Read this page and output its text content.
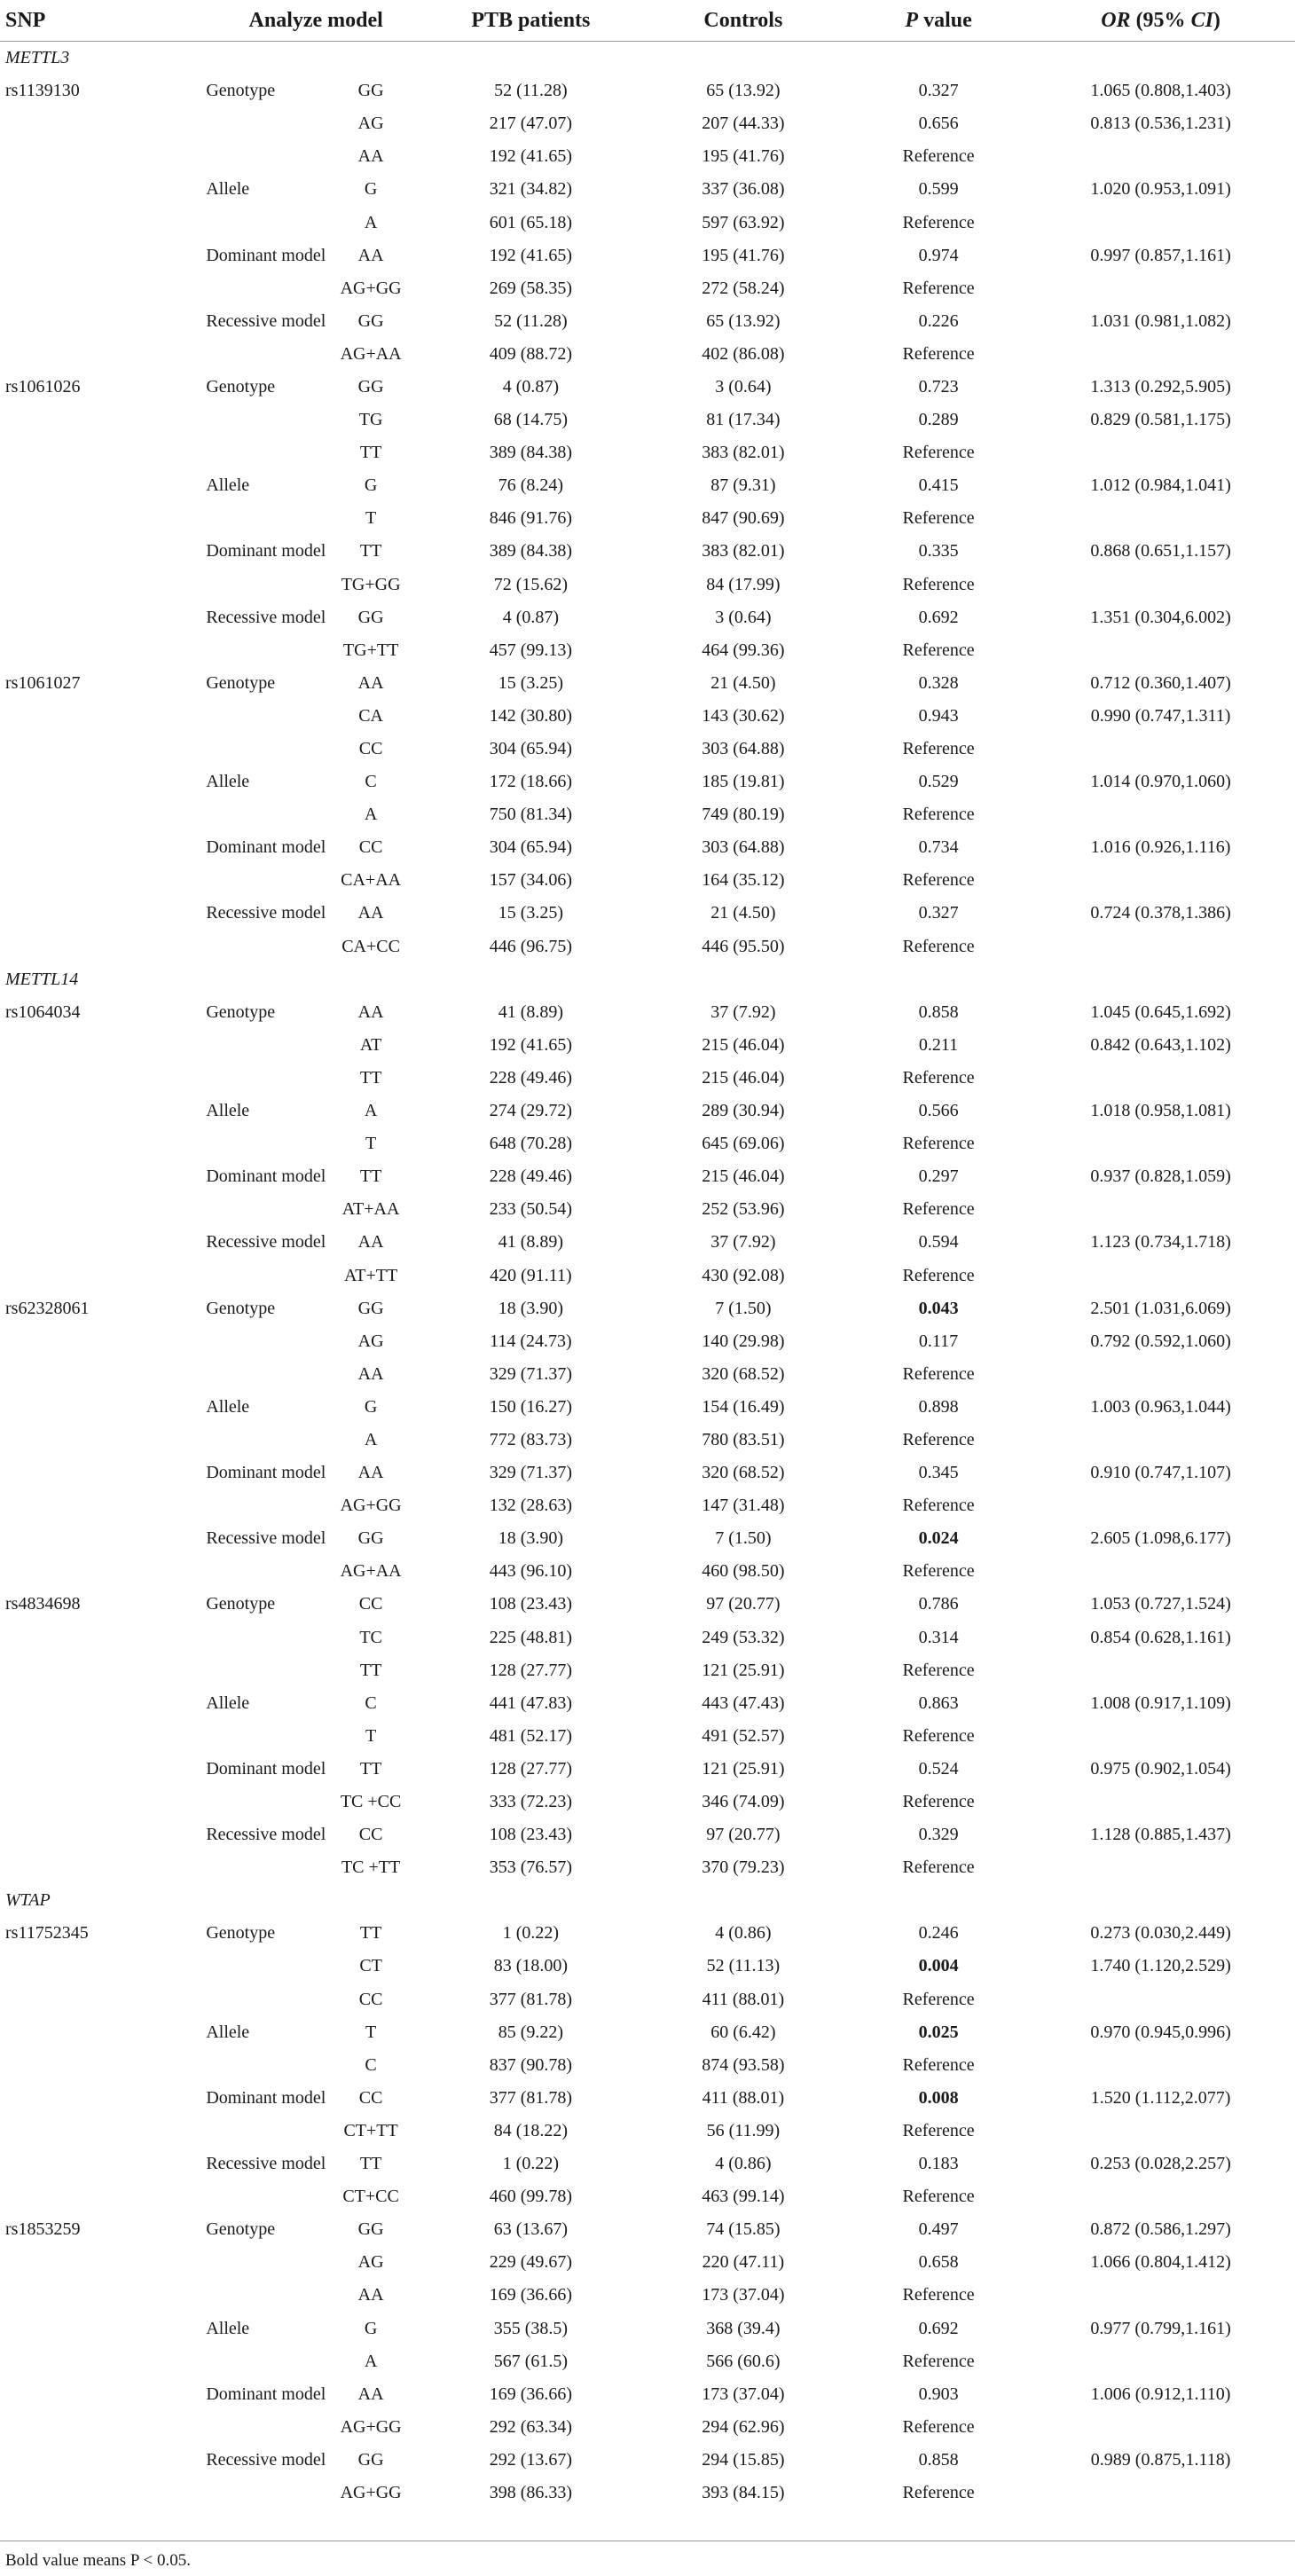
SNP	Analyze model		PTB patients	Controls	P value	OR (95% CI)
METTL3						
rs1139130	Genotype	GG	52 (11.28)	65 (13.92)	0.327	1.065 (0.808,1.403)
		AG	217 (47.07)	207 (44.33)	0.656	0.813 (0.536,1.231)
		AA	192 (41.65)	195 (41.76)	Reference	
	Allele	G	321 (34.82)	337 (36.08)	0.599	1.020 (0.953,1.091)
		A	601 (65.18)	597 (63.92)	Reference	
	Dominant model	AA	192 (41.65)	195 (41.76)	0.974	0.997 (0.857,1.161)
		AG+GG	269 (58.35)	272 (58.24)	Reference	
	Recessive model	GG	52 (11.28)	65 (13.92)	0.226	1.031 (0.981,1.082)
		AG+AA	409 (88.72)	402 (86.08)	Reference	
rs1061026	Genotype	GG	4 (0.87)	3 (0.64)	0.723	1.313 (0.292,5.905)
		TG	68 (14.75)	81 (17.34)	0.289	0.829 (0.581,1.175)
		TT	389 (84.38)	383 (82.01)	Reference	
	Allele	G	76 (8.24)	87 (9.31)	0.415	1.012 (0.984,1.041)
		T	846 (91.76)	847 (90.69)	Reference	
	Dominant model	TT	389 (84.38)	383 (82.01)	0.335	0.868 (0.651,1.157)
		TG+GG	72 (15.62)	84 (17.99)	Reference	
	Recessive model	GG	4 (0.87)	3 (0.64)	0.692	1.351 (0.304,6.002)
		TG+TT	457 (99.13)	464 (99.36)	Reference	
rs1061027	Genotype	AA	15 (3.25)	21 (4.50)	0.328	0.712 (0.360,1.407)
		CA	142 (30.80)	143 (30.62)	0.943	0.990 (0.747,1.311)
		CC	304 (65.94)	303 (64.88)	Reference	
	Allele	C	172 (18.66)	185 (19.81)	0.529	1.014 (0.970,1.060)
		A	750 (81.34)	749 (80.19)	Reference	
	Dominant model	CC	304 (65.94)	303 (64.88)	0.734	1.016 (0.926,1.116)
		CA+AA	157 (34.06)	164 (35.12)	Reference	
	Recessive model	AA	15 (3.25)	21 (4.50)	0.327	0.724 (0.378,1.386)
		CA+CC	446 (96.75)	446 (95.50)	Reference	
METTL14						
rs1064034	Genotype	AA	41 (8.89)	37 (7.92)	0.858	1.045 (0.645,1.692)
		AT	192 (41.65)	215 (46.04)	0.211	0.842 (0.643,1.102)
		TT	228 (49.46)	215 (46.04)	Reference	
	Allele	A	274 (29.72)	289 (30.94)	0.566	1.018 (0.958,1.081)
		T	648 (70.28)	645 (69.06)	Reference	
	Dominant model	TT	228 (49.46)	215 (46.04)	0.297	0.937 (0.828,1.059)
		AT+AA	233 (50.54)	252 (53.96)	Reference	
	Recessive model	AA	41 (8.89)	37 (7.92)	0.594	1.123 (0.734,1.718)
		AT+TT	420 (91.11)	430 (92.08)	Reference	
rs62328061	Genotype	GG	18 (3.90)	7 (1.50)	0.043	2.501 (1.031,6.069)
		AG	114 (24.73)	140 (29.98)	0.117	0.792 (0.592,1.060)
		AA	329 (71.37)	320 (68.52)	Reference	
	Allele	G	150 (16.27)	154 (16.49)	0.898	1.003 (0.963,1.044)
		A	772 (83.73)	780 (83.51)	Reference	
	Dominant model	AA	329 (71.37)	320 (68.52)	0.345	0.910 (0.747,1.107)
		AG+GG	132 (28.63)	147 (31.48)	Reference	
	Recessive model	GG	18 (3.90)	7 (1.50)	0.024	2.605 (1.098,6.177)
		AG+AA	443 (96.10)	460 (98.50)	Reference	
rs4834698	Genotype	CC	108 (23.43)	97 (20.77)	0.786	1.053 (0.727,1.524)
		TC	225 (48.81)	249 (53.32)	0.314	0.854 (0.628,1.161)
		TT	128 (27.77)	121 (25.91)	Reference	
	Allele	C	441 (47.83)	443 (47.43)	0.863	1.008 (0.917,1.109)
		T	481 (52.17)	491 (52.57)	Reference	
	Dominant model	TT	128 (27.77)	121 (25.91)	0.524	0.975 (0.902,1.054)
		TC +CC	333 (72.23)	346 (74.09)	Reference	
	Recessive model	CC	108 (23.43)	97 (20.77)	0.329	1.128 (0.885,1.437)
		TC +TT	353 (76.57)	370 (79.23)	Reference	
WTAP						
rs11752345	Genotype	TT	1 (0.22)	4 (0.86)	0.246	0.273 (0.030,2.449)
		CT	83 (18.00)	52 (11.13)	0.004	1.740 (1.120,2.529)
		CC	377 (81.78)	411 (88.01)	Reference	
	Allele	T	85 (9.22)	60 (6.42)	0.025	0.970 (0.945,0.996)
		C	837 (90.78)	874 (93.58)	Reference	
	Dominant model	CC	377 (81.78)	411 (88.01)	0.008	1.520 (1.112,2.077)
		CT+TT	84 (18.22)	56 (11.99)	Reference	
	Recessive model	TT	1 (0.22)	4 (0.86)	0.183	0.253 (0.028,2.257)
		CT+CC	460 (99.78)	463 (99.14)	Reference	
rs1853259	Genotype	GG	63 (13.67)	74 (15.85)	0.497	0.872 (0.586,1.297)
		AG	229 (49.67)	220 (47.11)	0.658	1.066 (0.804,1.412)
		AA	169 (36.66)	173 (37.04)	Reference	
	Allele	G	355 (38.5)	368 (39.4)	0.692	0.977 (0.799,1.161)
		A	567 (61.5)	566 (60.6)	Reference	
	Dominant model	AA	169 (36.66)	173 (37.04)	0.903	1.006 (0.912,1.110)
		AG+GG	292 (63.34)	294 (62.96)	Reference	
	Recessive model	GG	292 (13.67)	294 (15.85)	0.858	0.989 (0.875,1.118)
		AG+GG	398 (86.33)	393 (84.15)	Reference	
Bold value means P < 0.05.
